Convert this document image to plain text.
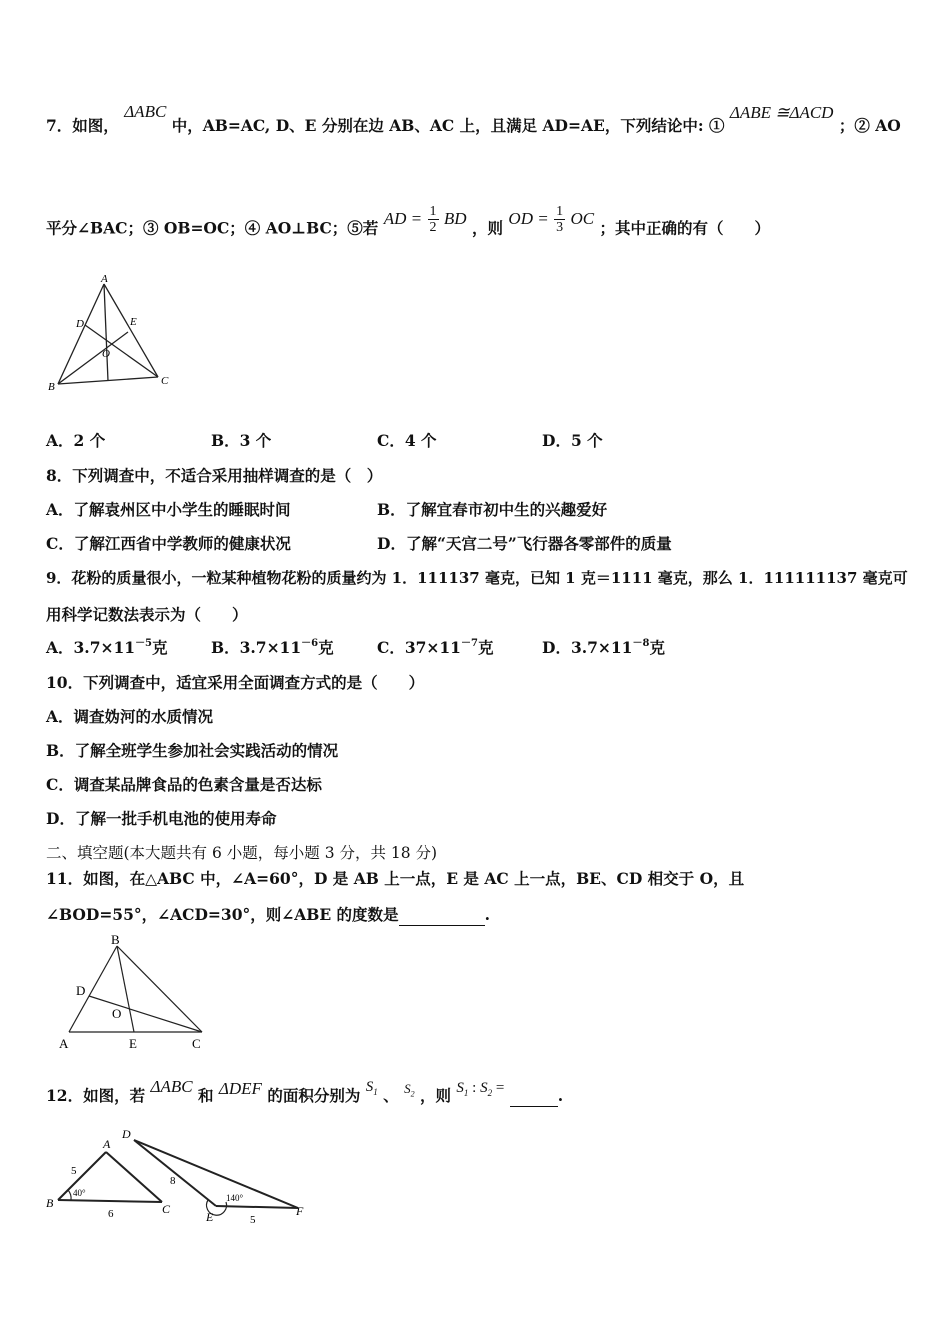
7．如图， ΔABC 中，AB=AC, D、E 分别在边 AB、AC 上，且满足 AD=AE，下列结论中: ① ΔABE ≅ΔACD ；② AO
平分∠BAC；③ OB=OC；④ AO⊥BC；⑤若 AD = $\frac{1}{2}$ BD ，则 OD = $\frac{1}{3}$ OC ；其中正确的有（　　）
A
D	E
O
B	C
A．2 个	B．3 个	C．4 个	D．5 个
8．下列调查中，不适合采用抽样调查的是（　）
A．了解袁州区中小学生的睡眠时间	B．了解宜春市初中生的兴趣爱好
C．了解江西省中学教师的健康状况	D．了解“天宫二号”飞行器各零部件的质量
9．花粉的质量很小，一粒某种植物花粉的质量约为 1．111137 毫克，已知 1 克＝1111 毫克，那么 1．111111137 毫克可
用科学记数法表示为（　　）
A．$3.7\times 11^{-5}$克	B．$3.7\times 11^{-6}$克	C．$37\times 11^{-7}$克	D．$3.7\times 11^{-8}$克
10．下列调查中，适宜采用全面调查方式的是（　　）
A．调查妫河的水质情况
B．了解全班学生参加社会实践活动的情况
C．调查某品牌食品的色素含量是否达标
D．了解一批手机电池的使用寿命
二、填空题(本大题共有 6 小题，每小题 3 分，共 18 分)
11．如图，在△ABC 中，∠A=60°，D 是 AB 上一点，E 是 AC 上一点，BE、CD 相交于 O，且
∠BOD=55°，∠ACD=30°，则∠ABE 的度数是	.
B
D
O
A	E	C
12．如图，若 ΔABC 和 ΔDEF 的面积分别为 $S_1$ 、 $^{S_2}$ ，则 $S_1$ : $S_2$ =	.
A
B	C
5
6
40°
D
E	F
8
5
140°
